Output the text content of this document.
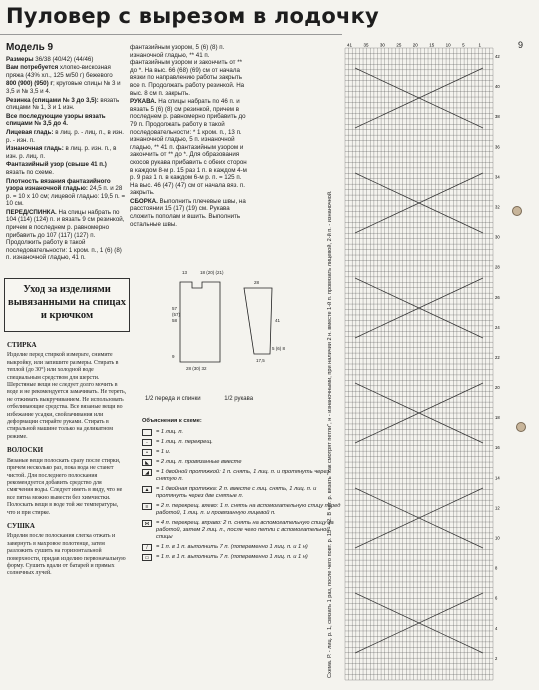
Пуловер с вырезом в лодочку
9
Модель 9

Размеры 36/38 (40/42) (44/46)

Вам потребуется хлопко-вискозная пряжа (43% хл., 125 м/50 г) бежевого

800 (900) (950) г; круговые спицы № 3 и 3,5 и № 3,5 и 4.

Резинка (спицами № 3 до 3,5): вязать спицами № 1, 3 и 1 изн.

Все последующие узоры вязать спицами № 3,5 до 4.

Лицевая гладь: в лиц. р. - лиц. п., в изн. р. - изн. п.

Изнаночная гладь: в лиц. р. изн. п., в изн. р. лиц. п.

Фантазийный узор (свыше 41 п.) вязать по схеме.

Плотность вязания фантазийного узора изнаночной гладью: 24,5 п. и 28 р. = 10 х 10 см; лицевой гладью: 19,5 п. = 10 см.

ПЕРЕД/СПИНКА. На спицы набрать по 104 (114) (124) п. и вязать 9 см резинкой, причем в последнем р. равномерно прибавить до 107 (117) (127) п. Продолжить работу в такой последовательности: 1 кром. п., 1 (6) (8) п. изнаночной гладью, 41 п.

фантазийным узором, 5 (6) (8) п. изнаночной гладью, ** 41 п. фантазийным узором и закончить от ** до *. На выс. 66 (68) (69) см от начала вязки по направлению работы закрыть все п. Продолжать работу резинкой. На выс. 8 см п. закрыть.

РУКАВА. На спицы набрать по 46 п. и вязать 5 (6) (8) см резинкой, причем в последнем р. равномерно прибавить до 79 п. Продолжать работу в такой последовательности: * 1 кром. п., 13 п. изнаночной гладью, 5 п. изнаночной гладью, ** 41 п. фантазийным узором и закончить от ** до *. Для образования скосов рукава прибавить с обеих сторон в каждом 8-м р. 15 раз 1 п. в каждом 4-м р. 9 раз 1 п. в каждом 6-м р. п. = 125 п. На выс. 46 (47) (47) см от начала вяз. п. закрыть.

СБОРКА. Выполнить плечевые швы, на расстоянии 15 (17) (19) см. Рукава сложить пополам и вшить. Выполнить остальные швы.

Уход за изделиями вывязанными на спицах и крючком
СТИРКА

Изделие перед стиркой измерьте, снимите выкройку, или запишите размеры. Стирать в теплой (до 30°) или холодной воде специальным средством для шерсти. Шерстяные вещи не следует долго мочить в воде и не рекомендуется замачивать. Не тереть, не отжимать выкручиванием. Не использовать отбеливающие средства. Все вязаные вещи во избежание усадки, свойлачивания или деформации стирайте руками. Стирать в стиральной машине только на деликатном режиме.

ВОЛОСКИ

Вязаные вещи полоскать сразу после стирки, причем несколько раз, пока вода не станет чистой. Для последнего полоскания рекомендуется добавить средство для смягчения воды. Следует иметь в виду, что не все пятна можно вывести без химчистки. Полоскать вещи в воде той же температуры, что и при стирке.

СУШКА

Изделия после полоскания слегка отжать и завернуть в махровое полотенце, затем разложить сушить на горизонтальной поверхности, придав изделию первоначальную форму. Сушить вдали от батарей и прямых солнечных лучей.

13	18 (20) (21)
57
(57)
58
9
28 (30) 32
28
41
17,5
5 (6) 8
1/2 переда и спинки	1/2 рукава
Объяснения к схеме:
= 1 лиц. п.
-	= 1 лиц. п. перекрещ.
•	= 1 и.
◣	= 2 лиц. п. провязанные вместе
◢	= 1 двойной протяжкой: 1 п. снять, 1 лиц. п. и протянуть через снятую п.
▲	= 1 двойная протяжка: 2 п. вместе с лиц. снять, 1 лиц. п. и протянуть через две снятые п.
≡	= 2 п. перекрещ. влево: 1 п. снять на вспомогательную спицу перед работой, 1 лиц. п. и провязанную лицевой п.
⋈	= 4 п. перекрещ. вправо: 2 п. снять на вспомогательную спицу за работой, затем 2 лиц. п., после чего петли с вспомогательной спицы
/	= 1 п. в 1 п. выполнить 7 п. (попеременно 1 лиц. п. и 1 н)
▭	= 1 п. в 1 п. выполнить 7 п. (попеременно 1 лиц. п. и 1 н)	Схема. Р. - лиц. р. 1, связать 1 раз, после чего повт. р. 15 - 42. В чет. р. вязать "как смотрят петли", н - изнаночными, при наличии 2 н. вместе 1-й п. провязать лицевой, 2-й п. - изнаночной.
41	35	30	25	20	15	10	5	1
42
40
38
36
34
32
30
28
26
24
22
20
18
16
14
12
10
8
6
4
2
